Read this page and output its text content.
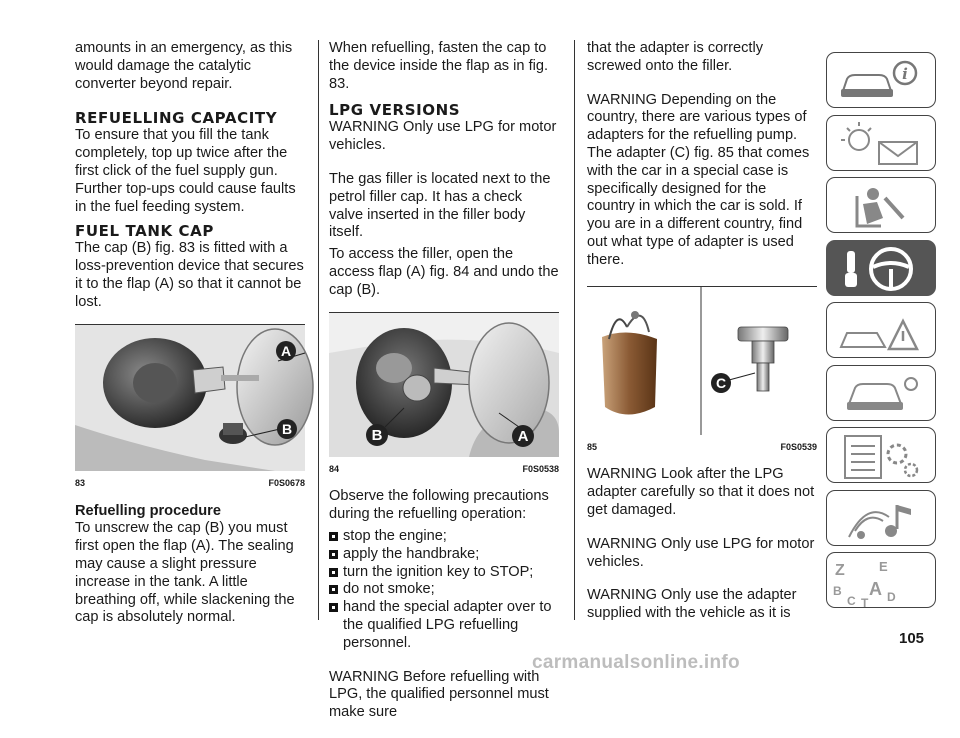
amounts in an emergency, as this would damage the catalytic converter beyond repair.

REFUELLING CAPACITY

To ensure that you fill the tank completely, top up twice after the first click of the fuel supply gun. Further top-ups could cause faults in the fuel feeding system.

FUEL TANK CAP

The cap (B) fig. 83 is fitted with a loss-prevention device that secures it to the flap (A) so that it cannot be lost.

A
B
83	F0S0678
Refuelling procedure

To unscrew the cap (B) you must first open the flap (A). The sealing may cause a slight pressure increase in the tank. A little breathing off, while slackening the cap is absolutely normal.

When refuelling, fasten the cap to the device inside the flap as in fig. 83.

LPG VERSIONS

WARNING Only use LPG for motor vehicles.

The gas filler is located next to the petrol filler cap. It has a check valve inserted in the filler body itself.

To access the filler, open the access flap (A) fig. 84 and undo the cap (B).

B	A
84	F0S0538

Observe the following precautions during the refuelling operation:

stop the engine;
apply the handbrake;
turn the ignition key to STOP;
do not smoke;
hand the special adapter over to the qualified LPG refuelling personnel.

WARNING Before refuelling with LPG, the qualified personnel must make sure

that the adapter is correctly screwed onto the filler.

WARNING Depending on the country, there are various types of adapters for the refuelling pump. The adapter (C) fig. 85 that comes with the car in a special case is specifically designed for the country in which the car is sold. If you are in a different country, find out what type of adapter is used there.

C
85	F0S0539

WARNING Look after the LPG adapter carefully so that it does not get damaged.

WARNING Only use LPG for motor vehicles.

WARNING Only use the adapter supplied with the vehicle as it is

i
Z	E
B A
C T D
105
carmanualsonline.info
